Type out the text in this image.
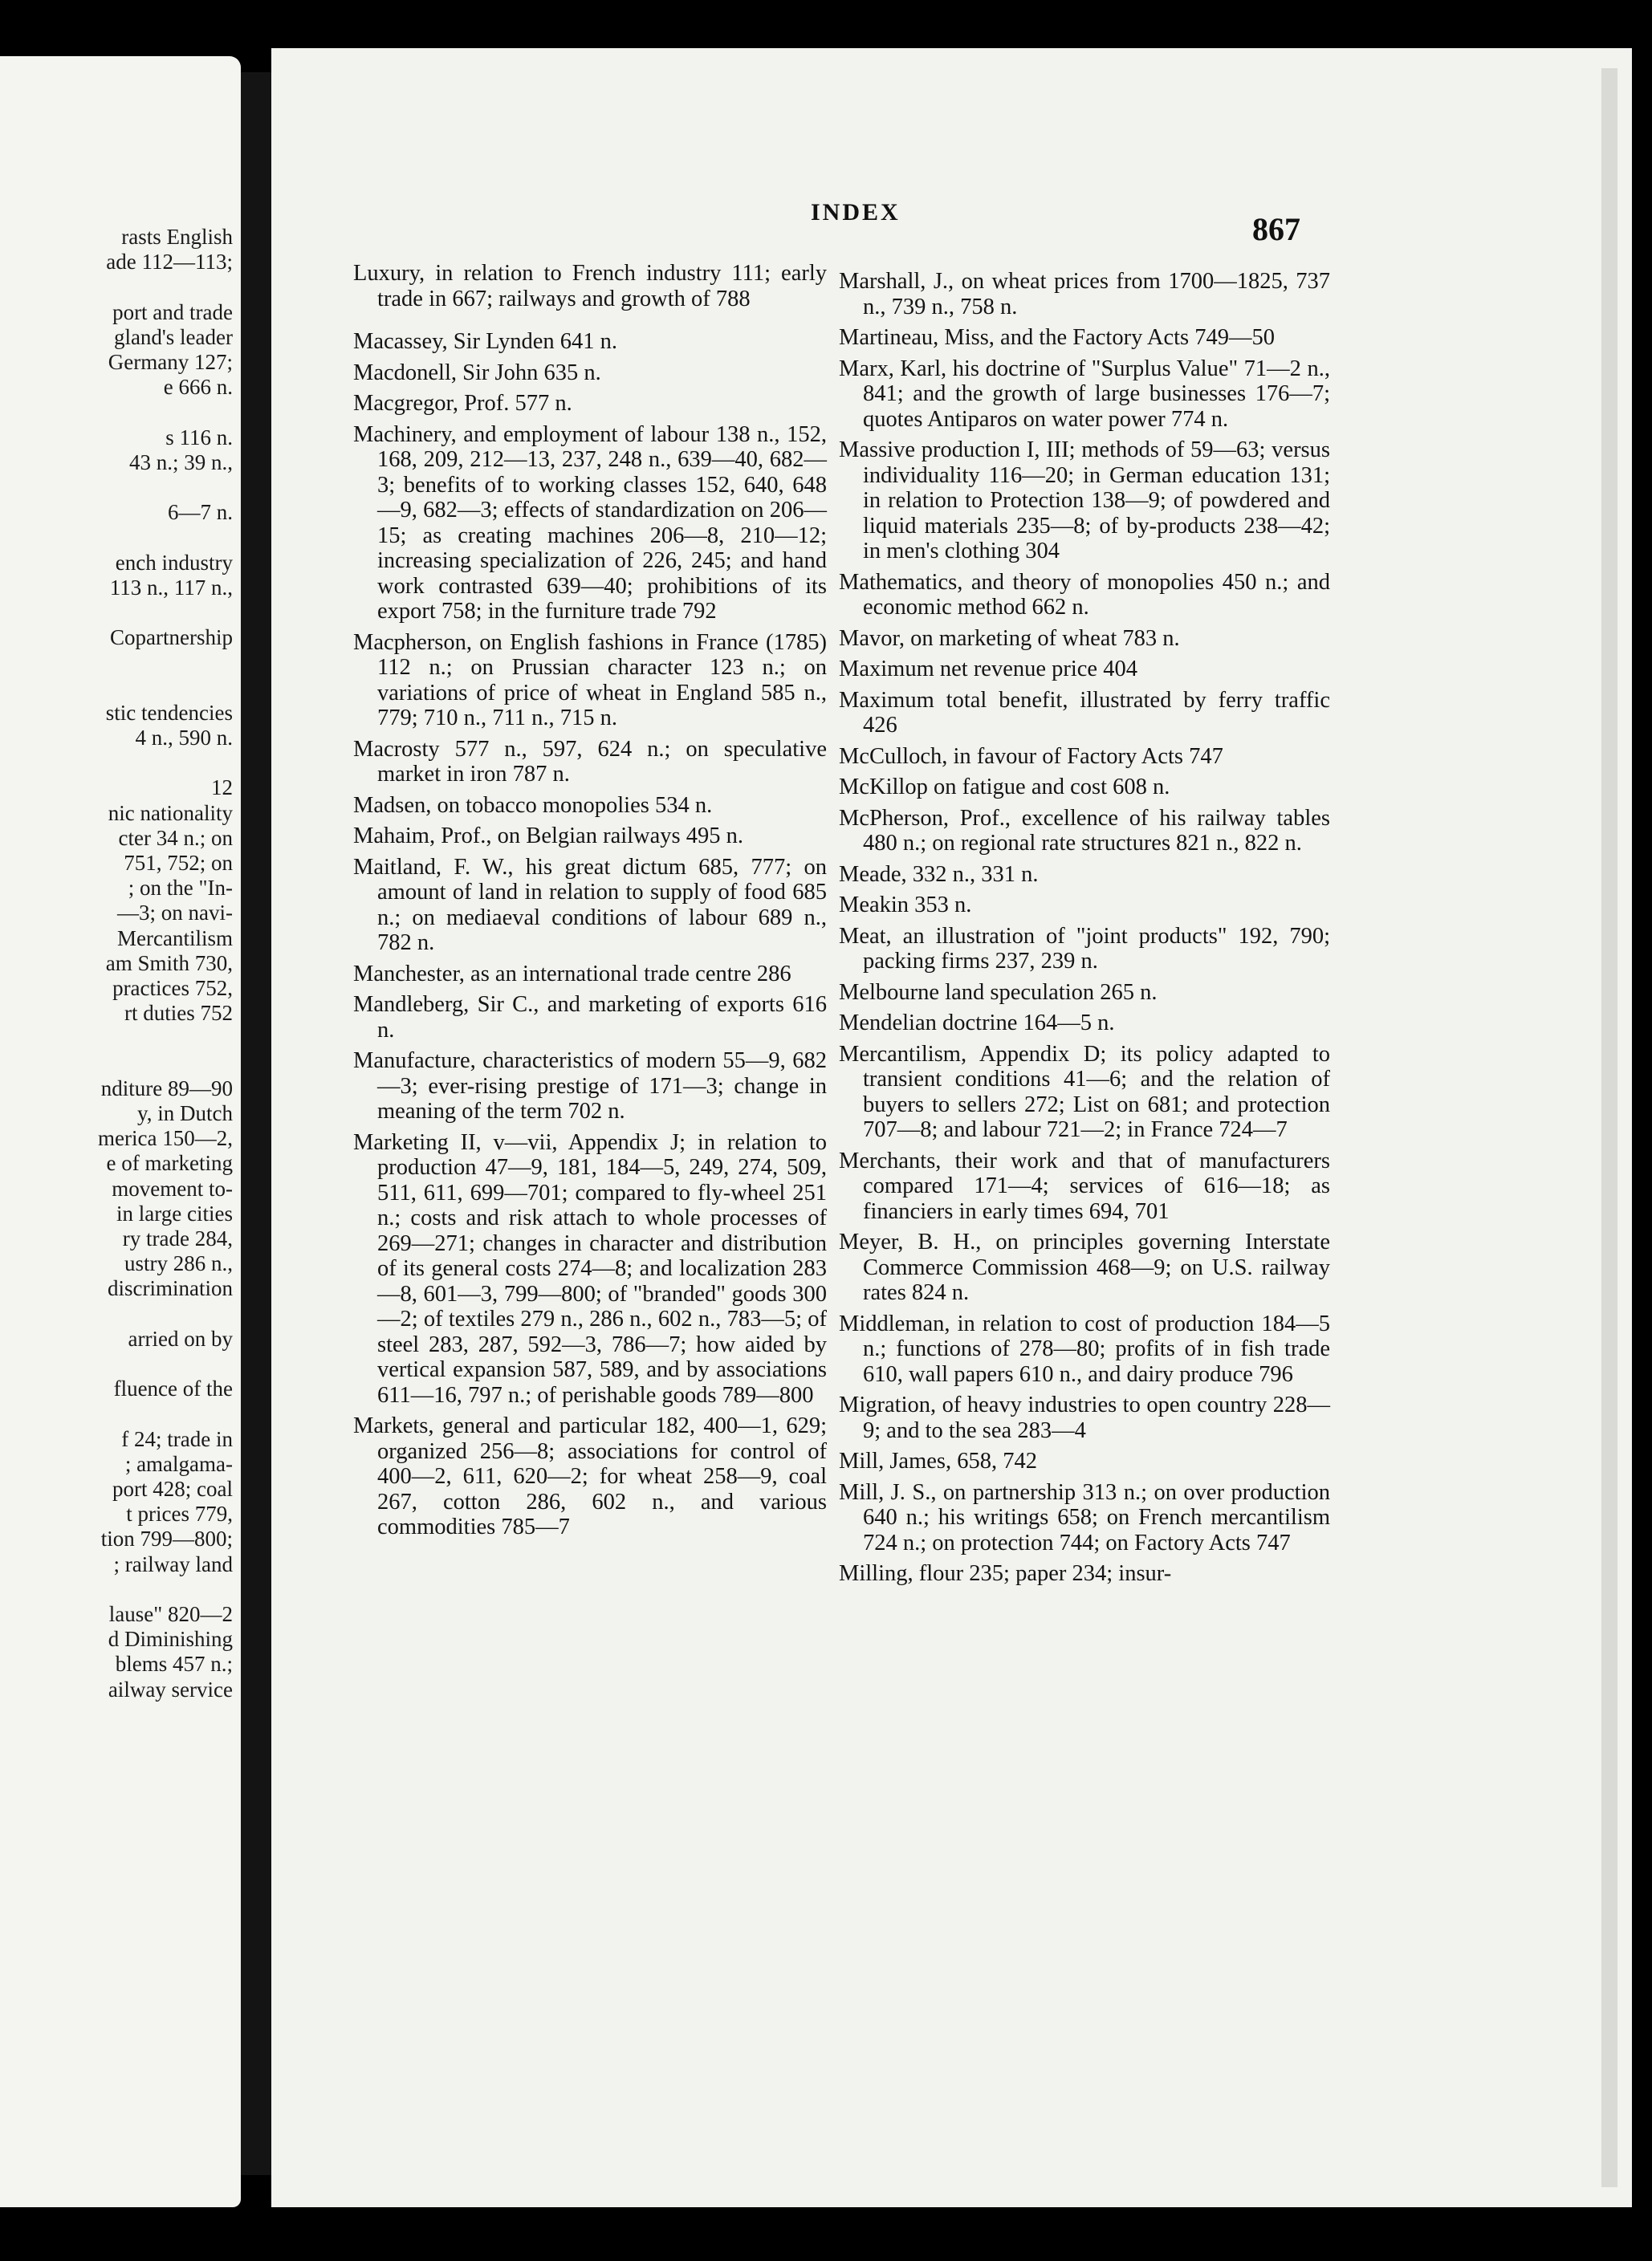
rasts English
ade 112—113;
port and trade
gland's leader
Germany 127;
e 666 n.
s 116 n.
43 n.; 39 n.,
6—7 n.
ench industry
113 n., 117 n.,
Copartnership
stic tendencies
4 n., 590 n.
12
nic nationality
cter 34 n.; on
751, 752; on
; on the "In-
—3; on navi-
Mercantilism
am Smith 730,
practices 752,
rt duties 752
nditure 89—90
y, in Dutch
merica 150—2,
e of marketing
movement to-
in large cities
ry trade 284,
ustry 286 n.,
discrimination
arried on by
fluence of the
f 24; trade in
; amalgama-
port 428; coal
t prices 779,
tion 799—800;
; railway land
lause" 820—2
d Diminishing
blems 457 n.;
ailway service
INDEX	867

Luxury, in relation to French industry 111; early trade in 667; railways and growth of 788

Macassey, Sir Lynden 641 n.

Macdonell, Sir John 635 n.

Macgregor, Prof. 577 n.

Machinery, and employment of labour 138 n., 152, 168, 209, 212—13, 237, 248 n., 639—40, 682—3; benefits of to working classes 152, 640, 648—9, 682—3; effects of standardization on 206—15; as creating machines 206—8, 210—12; increasing specialization of 226, 245; and hand work contrasted 639—40; prohibitions of its export 758; in the furniture trade 792

Macpherson, on English fashions in France (1785) 112 n.; on Prussian character 123 n.; on variations of price of wheat in England 585 n., 779; 710 n., 711 n., 715 n.

Macrosty 577 n., 597, 624 n.; on speculative market in iron 787 n.

Madsen, on tobacco monopolies 534 n.

Mahaim, Prof., on Belgian railways 495 n.

Maitland, F. W., his great dictum 685, 777; on amount of land in relation to supply of food 685 n.; on mediaeval conditions of labour 689 n., 782 n.

Manchester, as an international trade centre 286

Mandleberg, Sir C., and marketing of exports 616 n.

Manufacture, characteristics of modern 55—9, 682—3; ever-rising prestige of 171—3; change in meaning of the term 702 n.

Marketing II, v—vii, Appendix J; in relation to production 47—9, 181, 184—5, 249, 274, 509, 511, 611, 699—701; compared to fly-wheel 251 n.; costs and risk attach to whole processes of 269—271; changes in character and distribution of its general costs 274—8; and localization 283—8, 601—3, 799—800; of "branded" goods 300—2; of textiles 279 n., 286 n., 602 n., 783—5; of steel 283, 287, 592—3, 786—7; how aided by vertical expansion 587, 589, and by associations 611—16, 797 n.; of perishable goods 789—800

Markets, general and particular 182, 400—1, 629; organized 256—8; associations for control of 400—2, 611, 620—2; for wheat 258—9, coal 267, cotton 286, 602 n., and various commodities 785—7

Marshall, J., on wheat prices from 1700—1825, 737 n., 739 n., 758 n.

Martineau, Miss, and the Factory Acts 749—50

Marx, Karl, his doctrine of "Surplus Value" 71—2 n., 841; and the growth of large businesses 176—7; quotes Antiparos on water power 774 n.

Massive production I, III; methods of 59—63; versus individuality 116—20; in German education 131; in relation to Protection 138—9; of powdered and liquid materials 235—8; of by-products 238—42; in men's clothing 304

Mathematics, and theory of monopolies 450 n.; and economic method 662 n.

Mavor, on marketing of wheat 783 n.

Maximum net revenue price 404

Maximum total benefit, illustrated by ferry traffic 426

McCulloch, in favour of Factory Acts 747

McKillop on fatigue and cost 608 n.

McPherson, Prof., excellence of his railway tables 480 n.; on regional rate structures 821 n., 822 n.

Meade, 332 n., 331 n.

Meakin 353 n.

Meat, an illustration of "joint products" 192, 790; packing firms 237, 239 n.

Melbourne land speculation 265 n.

Mendelian doctrine 164—5 n.

Mercantilism, Appendix D; its policy adapted to transient conditions 41—6; and the relation of buyers to sellers 272; List on 681; and protection 707—8; and labour 721—2; in France 724—7

Merchants, their work and that of manufacturers compared 171—4; services of 616—18; as financiers in early times 694, 701

Meyer, B. H., on principles governing Interstate Commerce Commission 468—9; on U.S. railway rates 824 n.

Middleman, in relation to cost of production 184—5 n.; functions of 278—80; profits of in fish trade 610, wall papers 610 n., and dairy produce 796

Migration, of heavy industries to open country 228—9; and to the sea 283—4

Mill, James, 658, 742

Mill, J. S., on partnership 313 n.; on over production 640 n.; his writings 658; on French mercantilism 724 n.; on protection 744; on Factory Acts 747

Milling, flour 235; paper 234; insur-
